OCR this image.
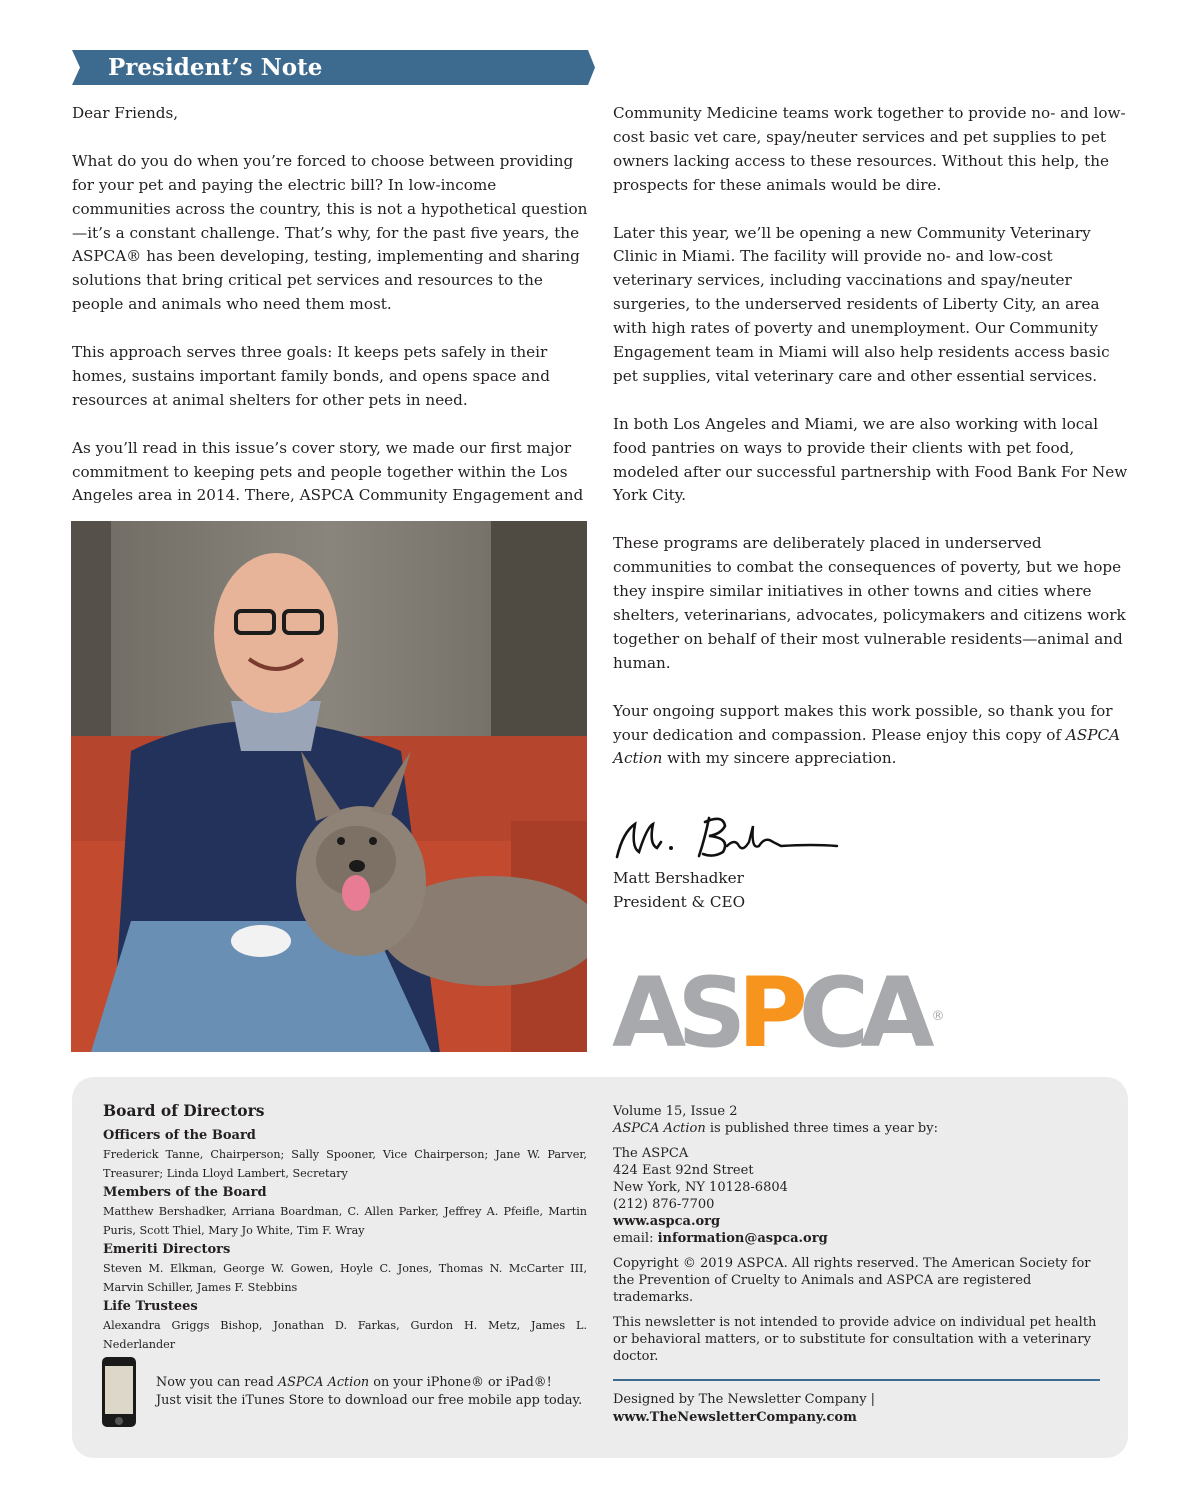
President’s Note

Dear Friends,

What do you do when you’re forced to choose between providing for your pet and paying the electric bill? In low-income communities across the country, this is not a hypothetical question—it’s a constant challenge. That’s why, for the past five years, the ASPCA® has been developing, testing, implementing and sharing solutions that bring critical pet services and resources to the people and animals who need them most.

This approach serves three goals: It keeps pets safely in their homes, sustains important family bonds, and opens space and resources at animal shelters for other pets in need.

As you’ll read in this issue’s cover story, we made our first major commitment to keeping pets and people together within the Los Angeles area in 2014. There, ASPCA Community Engagement and

Community Medicine teams work together to provide no- and low-cost basic vet care, spay/neuter services and pet supplies to pet owners lacking access to these resources. Without this help, the prospects for these animals would be dire.

Later this year, we’ll be opening a new Community Veterinary Clinic in Miami. The facility will provide no- and low-cost veterinary services, including vaccinations and spay/neuter surgeries, to the underserved residents of Liberty City, an area with high rates of poverty and unemployment. Our Community Engagement team in Miami will also help residents access basic pet supplies, vital veterinary care and other essential services.

In both Los Angeles and Miami, we are also working with local food pantries on ways to provide their clients with pet food, modeled after our successful partnership with Food Bank For New York City.

These programs are deliberately placed in underserved communities to combat the consequences of poverty, but we hope they inspire similar initiatives in other towns and cities where shelters, veterinarians, advocates, policymakers and citizens work together on behalf of their most vulnerable residents—animal and human.

Your ongoing support makes this work possible, so thank you for your dedication and compassion. Please enjoy this copy of ASPCA Action with my sincere appreciation.

Matt Bershadker
President & CEO
ASPCA ®
Board of Directors
Officers of the Board
Frederick Tanne, Chairperson; Sally Spooner, Vice Chairperson; Jane W. Parver, Treasurer; Linda Lloyd Lambert, Secretary
Members of the Board
Matthew Bershadker, Arriana Boardman, C. Allen Parker, Jeffrey A. Pfeifle, Martin Puris, Scott Thiel, Mary Jo White, Tim F. Wray
Emeriti Directors
Steven M. Elkman, George W. Gowen, Hoyle C. Jones, Thomas N. McCarter III, Marvin Schiller, James F. Stebbins
Life Trustees
Alexandra Griggs Bishop, Jonathan D. Farkas, Gurdon H. Metz, James L. Nederlander
Now you can read ASPCA Action on your iPhone® or iPad®!
Just visit the iTunes Store to download our free mobile app today.
Volume 15, Issue 2
ASPCA Action is published three times a year by:
The ASPCA
424 East 92nd Street
New York, NY 10128-6804
(212) 876-7700
www.aspca.org
email: information@aspca.org
Copyright © 2019 ASPCA. All rights reserved. The American Society for the Prevention of Cruelty to Animals and ASPCA are registered trademarks.
This newsletter is not intended to provide advice on individual pet health or behavioral matters, or to substitute for consultation with a veterinary doctor.
Designed by The Newsletter Company | www.TheNewsletterCompany.com
